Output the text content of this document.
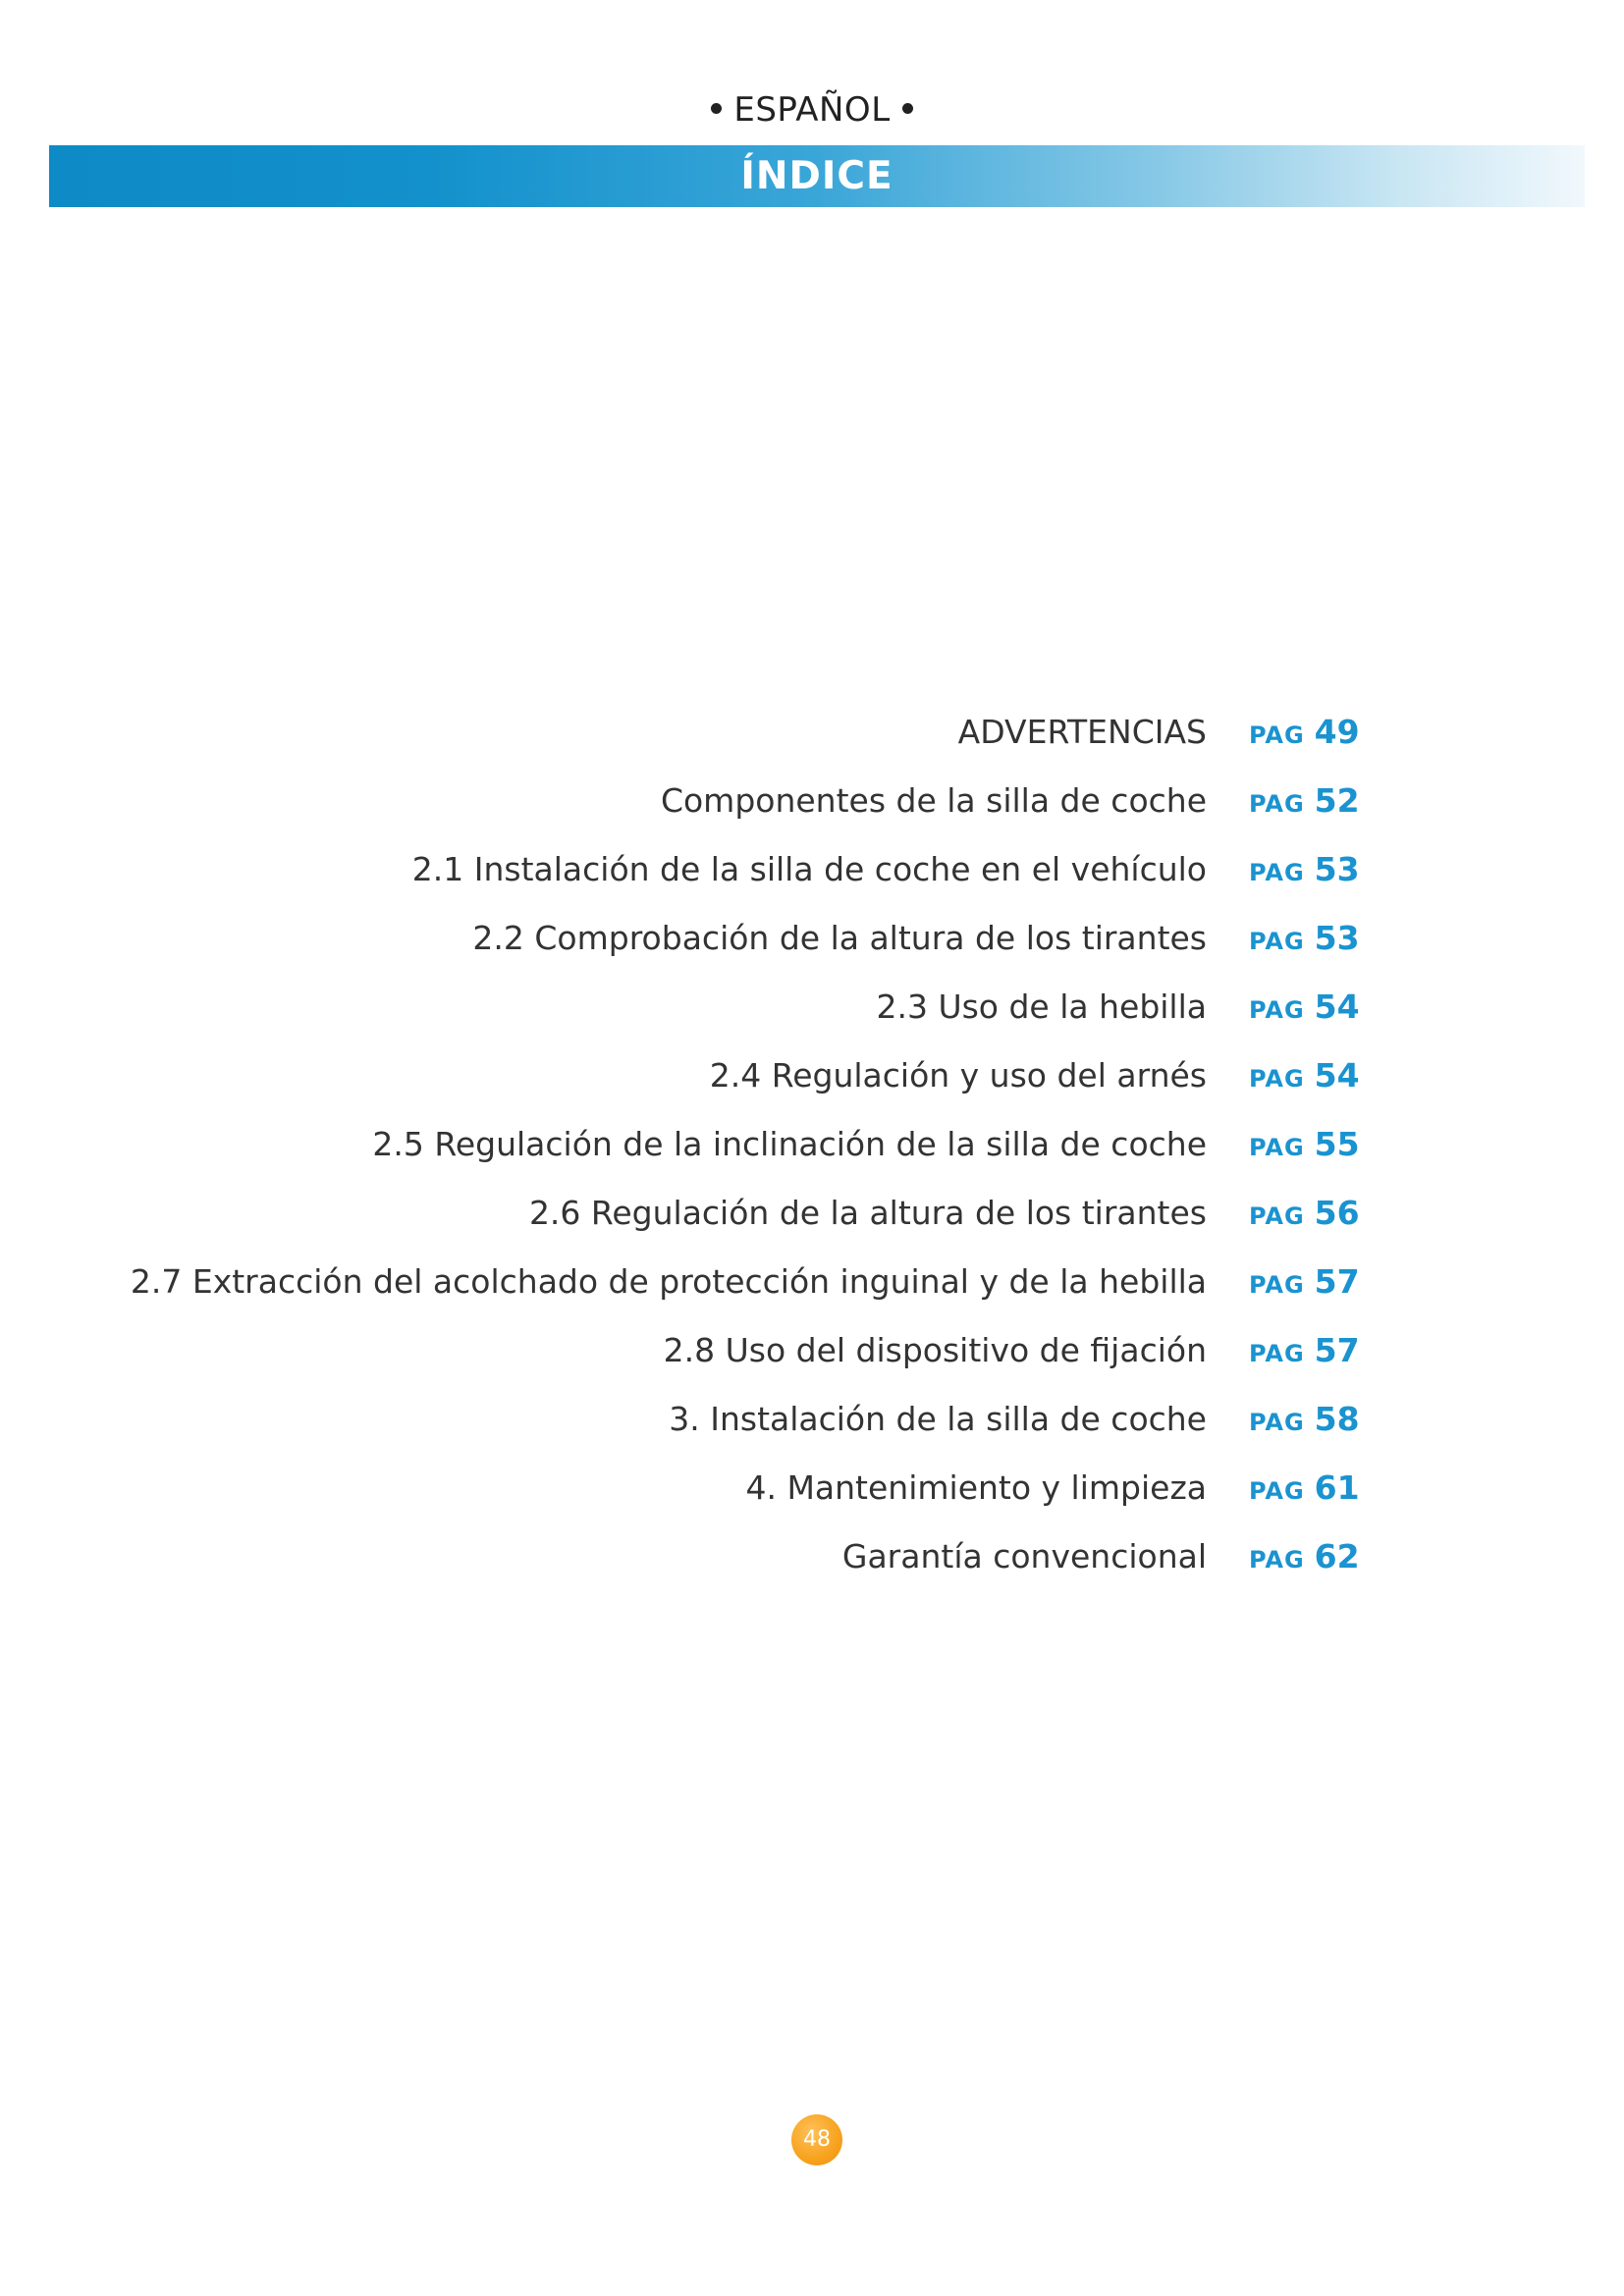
ESPAÑOL
ÍNDICE
ADVERTENCIAS PAG 49
Componentes de la silla de coche PAG 52
2.1 Instalación de la silla de coche en el vehículo PAG 53
2.2 Comprobación de la altura de los tirantes PAG 53
2.3 Uso de la hebilla PAG 54
2.4 Regulación y uso del arnés PAG 54
2.5 Regulación de la inclinación de la silla de coche PAG 55
2.6 Regulación de la altura de los tirantes PAG 56
2.7 Extracción del acolchado de protección inguinal y de la hebilla PAG 57
2.8 Uso del dispositivo de fijación PAG 57
3. Instalación de la silla de coche PAG 58
4. Mantenimiento y limpieza PAG 61
Garantía convencional PAG 62
48
